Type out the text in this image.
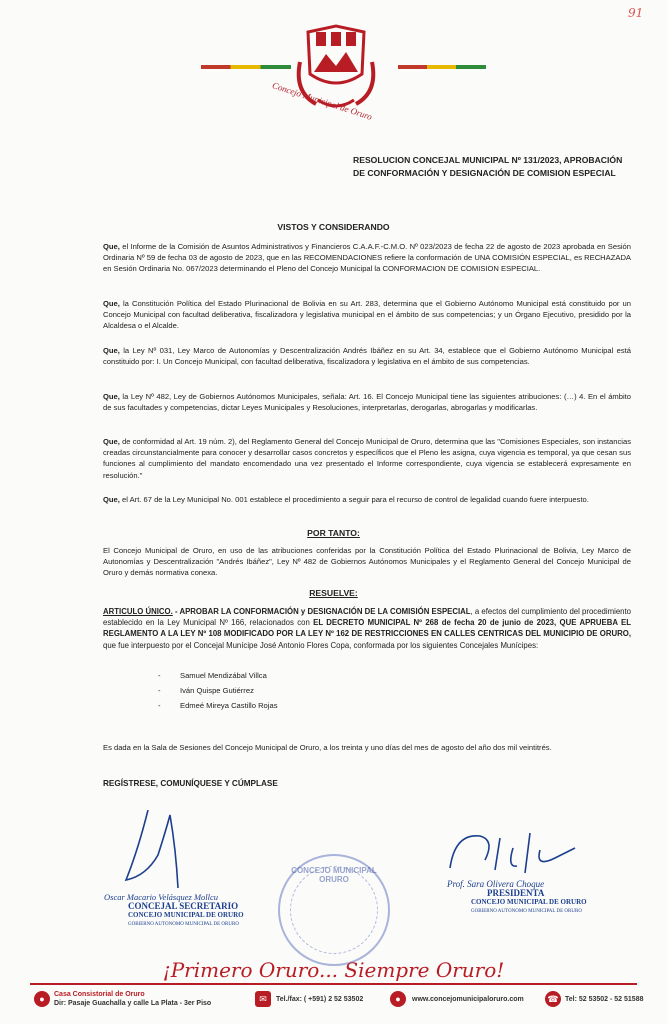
91
Concejo Municipal de Oruro
RESOLUCION CONCEJAL MUNICIPAL Nº 131/2023, APROBACIÓN DE CONFORMACIÓN Y DESIGNACIÓN DE COMISION ESPECIAL
VISTOS Y CONSIDERANDO
Que, el Informe de la Comisión de Asuntos Administrativos y Financieros C.A.A.F.-C.M.O. Nº 023/2023 de fecha 22 de agosto de 2023 aprobada en Sesión Ordinaria Nº 59 de fecha 03 de agosto de 2023, que en las RECOMENDACIONES refiere la conformación de UNA COMISIÓN ESPECIAL, es RECHAZADA en Sesión Ordinaria No. 067/2023 determinando el Pleno del Concejo Municipal la CONFORMACION DE COMISION ESPECIAL.
Que, la Constitución Política del Estado Plurinacional de Bolivia en su Art. 283, determina que el Gobierno Autónomo Municipal está constituido por un Concejo Municipal con facultad deliberativa, fiscalizadora y legislativa municipal en el ámbito de sus competencias; y un Órgano Ejecutivo, presidido por la Alcaldesa o el Alcalde.
Que, la Ley Nº 031, Ley Marco de Autonomías y Descentralización Andrés Ibáñez en su Art. 34, establece que el Gobierno Autónomo Municipal está constituido por: I. Un Concejo Municipal, con facultad deliberativa, fiscalizadora y legislativa en el ámbito de sus competencias.
Que, la Ley Nº 482, Ley de Gobiernos Autónomos Municipales, señala: Art. 16. El Concejo Municipal tiene las siguientes atribuciones: (…) 4. En el ámbito de sus facultades y competencias, dictar Leyes Municipales y Resoluciones, interpretarlas, derogarlas, abrogarlas y modificarlas.
Que, de conformidad al Art. 19 núm. 2), del Reglamento General del Concejo Municipal de Oruro, determina que las "Comisiones Especiales, son instancias creadas circunstancialmente para conocer y desarrollar casos concretos y específicos que el Pleno les asigna, cuya vigencia es temporal, ya que cesan sus funciones al cumplimiento del mandato encomendado una vez presentado el Informe correspondiente, cuya vigencia se establecerá expresamente en resolución."
Que, el Art. 67 de la Ley Municipal No. 001 establece el procedimiento a seguir para el recurso de control de legalidad cuando fuere interpuesto.
POR TANTO:
El Concejo Municipal de Oruro, en uso de las atribuciones conferidas por la Constitución Política del Estado Plurinacional de Bolivia, Ley Marco de Autonomías y Descentralización "Andrés Ibáñez", Ley Nº 482 de Gobiernos Autónomos Municipales y el Reglamento General del Concejo Municipal de Oruro y demás normativa conexa.
RESUELVE:
ARTICULO ÚNICO. - APROBAR LA CONFORMACIÓN y DESIGNACIÓN DE LA COMISIÓN ESPECIAL, a efectos del cumplimiento del procedimiento establecido en la Ley Municipal Nº 166, relacionados con EL DECRETO MUNICIPAL Nº 268 de fecha 20 de junio de 2023, QUE APRUEBA EL REGLAMENTO A LA LEY Nº 108 MODIFICADO POR LA LEY Nº 162 DE RESTRICCIONES EN CALLES CENTRICAS DEL MUNICIPIO DE ORURO, que fue interpuesto por el Concejal Munícipe José Antonio Flores Copa, conformada por los siguientes Concejales Munícipes:
- Samuel Mendizábal Villca
- Iván Quispe Gutiérrez
- Edmeé Mireya Castillo Rojas
Es dada en la Sala de Sesiones del Concejo Municipal de Oruro, a los treinta y uno días del mes de agosto del año dos mil veintitrés.
REGÍSTRESE, COMUNÍQUESE Y CÚMPLASE
Oscar Macario Velásquez Mollcu
CONCEJAL SECRETARIO
CONCEJO MUNICIPAL DE ORURO
GOBIERNO AUTONOMO MUNICIPAL DE ORURO
CONCEJO MUNICIPAL ORURO	Prof. Sara Olivera Choque
PRESIDENTA
CONCEJO MUNICIPAL DE ORURO
GOBIERNO AUTONOMO MUNICIPAL DE ORURO
¡Primero Oruro... Siempre Oruro!
●	Casa Consistorial de Oruro
Dir: Pasaje Guachalla y calle La Plata - 3er Piso	✉	Tel./fax: ( +591) 2 52 53502	●	www.concejomunicipaloruro.com	☎ Tel: 52 53502 - 52 51588
